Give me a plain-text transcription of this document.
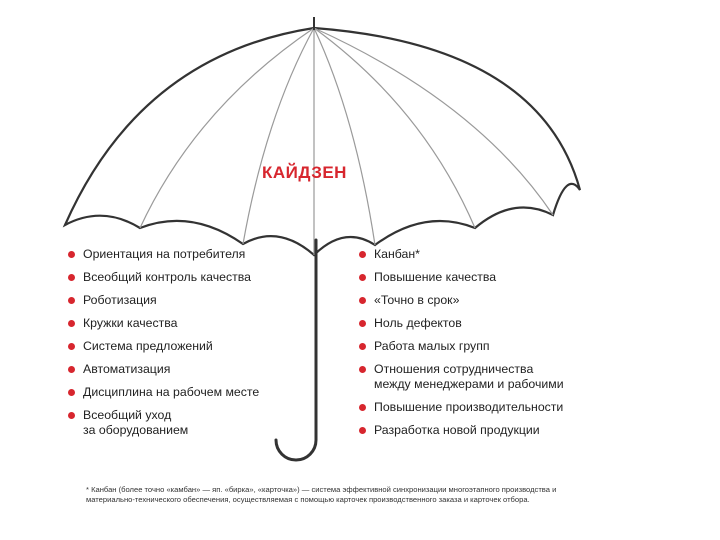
КАЙДЗЕН
Ориентация на потребителя
Всеобщий контроль качества
Роботизация
Кружки качества
Система предложений
Автоматизация
Дисциплина на рабочем месте
Всеобщий уход
за оборудованием
Канбан*
Повышение качества
«Точно в срок»
Ноль дефектов
Работа малых групп
Отношения сотрудничества
между менеджерами и рабочими
Повышение производительности
Разработка новой продукции
* Канбан (более точно «камбан» — яп. «бирка», «карточка») — система эффективной синхронизации многоэтапного производства и материально-технического обеспечения, осуществляемая с помощью карточек производственного заказа и карточек отбора.
